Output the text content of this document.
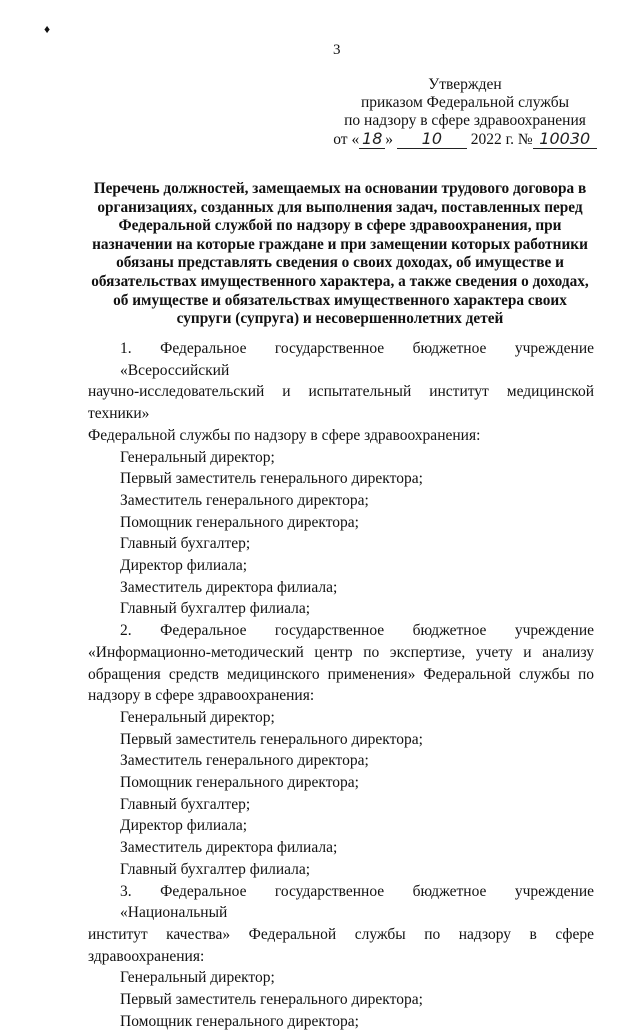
♦
3
Утвержден
приказом Федеральной службы
по надзору в сфере здравоохранения
от « 18 » 10 2022 г. № 10030
Перечень должностей, замещаемых на основании трудового договора в
организациях, созданных для выполнения задач, поставленных перед
Федеральной службой по надзору в сфере здравоохранения, при
назначении на которые граждане и при замещении которых работники
обязаны представлять сведения о своих доходах, об имуществе и
обязательствах имущественного характера, а также сведения о доходах,
об имуществе и обязательствах имущественного характера своих
супруги (супруга) и несовершеннолетних детей
1. Федеральное государственное бюджетное учреждение «Всероссийский
научно-исследовательский и испытательный институт медицинской техники»
Федеральной службы по надзору в сфере здравоохранения:
Генеральный директор;
Первый заместитель генерального директора;
Заместитель генерального директора;
Помощник генерального директора;
Главный бухгалтер;
Директор филиала;
Заместитель директора филиала;
Главный бухгалтер филиала;
2. Федеральное государственное бюджетное учреждение
«Информационно-методический центр по экспертизе, учету и анализу
обращения средств медицинского применения» Федеральной службы по
надзору в сфере здравоохранения:
Генеральный директор;
Первый заместитель генерального директора;
Заместитель генерального директора;
Помощник генерального директора;
Главный бухгалтер;
Директор филиала;
Заместитель директора филиала;
Главный бухгалтер филиала;
3. Федеральное государственное бюджетное учреждение «Национальный
институт качества» Федеральной службы по надзору в сфере
здравоохранения:
Генеральный директор;
Первый заместитель генерального директора;
Помощник генерального директора;
